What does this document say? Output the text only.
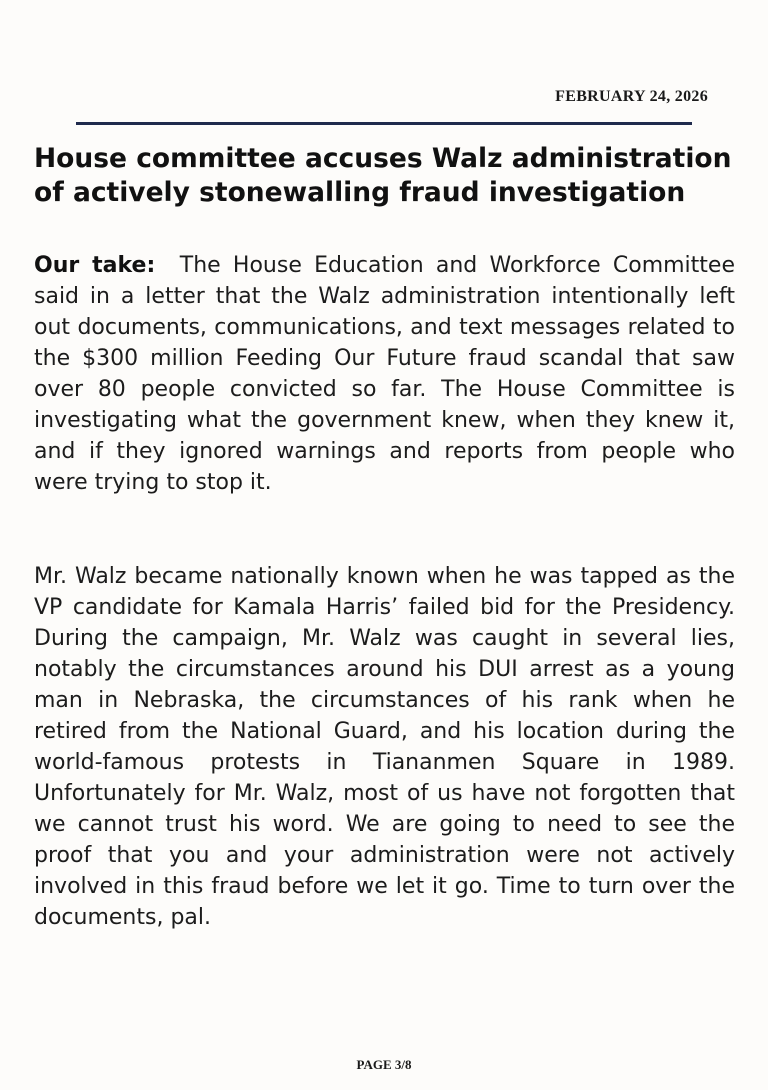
FEBRUARY 24, 2026
House committee accuses Walz administration of actively stonewalling fraud investigation

Our take: The House Education and Workforce Committee said in a letter that the Walz administration intentionally left out documents, communications, and text messages related to the $300 million Feeding Our Future fraud scandal that saw over 80 people convicted so far. The House Committee is investigating what the government knew, when they knew it, and if they ignored warnings and reports from people who were trying to stop it.

Mr. Walz became nationally known when he was tapped as the VP candidate for Kamala Harris’ failed bid for the Presidency. During the campaign, Mr. Walz was caught in several lies, notably the circumstances around his DUI arrest as a young man in Nebraska, the circumstances of his rank when he retired from the National Guard, and his location during the world-famous protests in Tiananmen Square in 1989. Unfortunately for Mr. Walz, most of us have not forgotten that we cannot trust his word. We are going to need to see the proof that you and your administration were not actively involved in this fraud before we let it go. Time to turn over the documents, pal.

PAGE 3/8
